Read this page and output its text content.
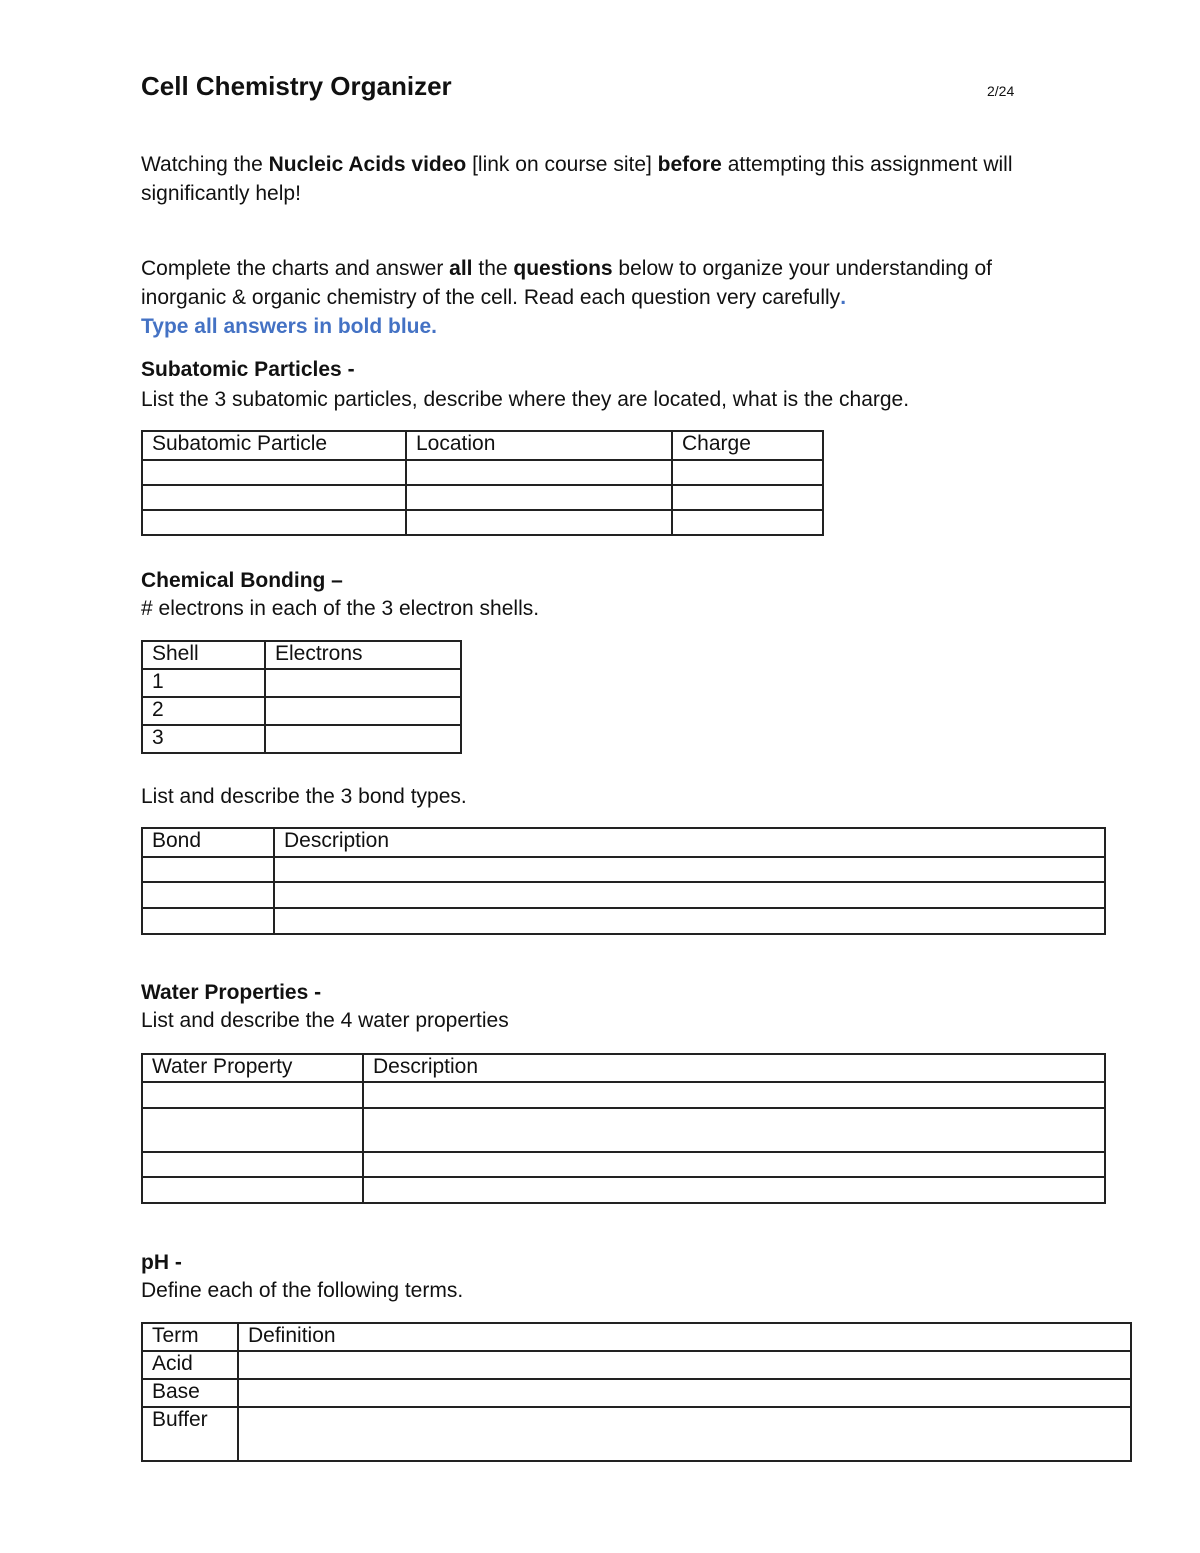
Cell Chemistry Organizer	2/24
Watching the Nucleic Acids video [link on course site] before attempting this assignment will
significantly help!
Complete the charts and answer all the questions below to organize your understanding of
inorganic & organic chemistry of the cell. Read each question very carefully.
Type all answers in bold blue.
Subatomic Particles -
List the 3 subatomic particles, describe where they are located, what is the charge.
Subatomic Particle	Location	Charge

Chemical Bonding –
# electrons in each of the 3 electron shells.
Shell	Electrons
1	
2	
3	
List and describe the 3 bond types.
Bond	Description

Water Properties -
List and describe the 4 water properties
Water Property	Description

pH -
Define each of the following terms.
Term	Definition
Acid	
Base	
Buffer	
